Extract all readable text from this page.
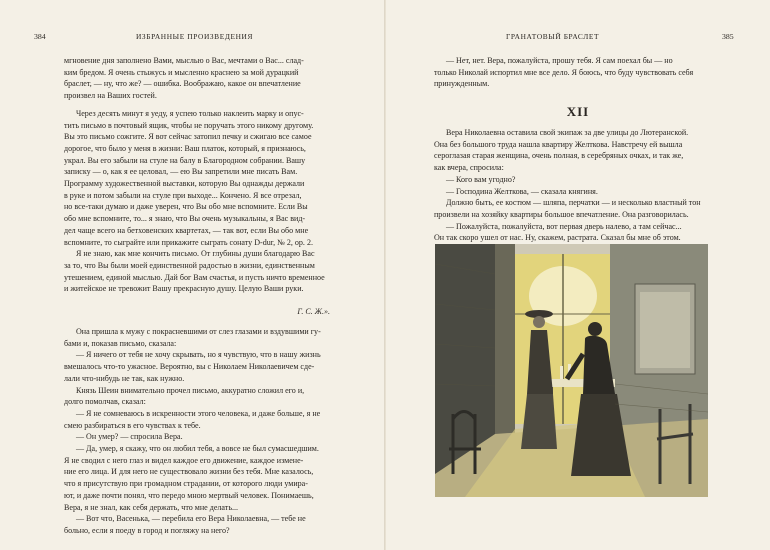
384	ИЗБРАННЫЕ ПРОИЗВЕДЕНИЯ

мгновение дня заполнено Вами, мыслью о Вас, мечтами о Вас... слад-

ким бредом. Я очень стыжусь и мысленно краснею за мой дурацкий

браслет, — ну, что же? — ошибка. Воображаю, какое он впечатление

произвел на Ваших гостей.

Через десять минут я уеду, я успею только наклеить марку и опус-

тить письмо в почтовый ящик, чтобы не поручать этого никому другому.

Вы это письмо сожгите. Я вот сейчас затопил печку и сжигаю все самое

дорогое, что было у меня в жизни: Ваш платок, который, я признаюсь,

украл. Вы его забыли на стуле на балу в Благородном собрании. Вашу

записку — о, как я ее целовал, — ею Вы запретили мне писать Вам.

Программу художественной выставки, которую Вы однажды держали

в руке и потом забыли на стуле при выходе... Кончено. Я все отрезал,

но все-таки думаю и даже уверен, что Вы обо мне вспомните. Если Вы

обо мне вспомните, то... я знаю, что Вы очень музыкальны, я Вас вид-

дел чаще всего на бетховенских квартетах, — так вот, если Вы обо мне

вспомните, то сыграйте или прикажите сыграть сонату D-dur, № 2, ор. 2.

Я не знаю, как мне кончить письмо. От глубины души благодарю Вас

за то, что Вы были моей единственной радостью в жизни, единственным

утешением, единой мыслью. Дай бог Вам счастья, и пусть ничто временное

и житейское не тревожит Вашу прекрасную душу. Целую Ваши руки.

Г. С. Ж.».

Она пришла к мужу с покрасневшими от слез глазами и вздувшими гу-

бами и, показав письмо, сказала:

— Я ничего от тебя не хочу скрывать, но я чувствую, что в нашу жизнь

вмешалось что-то ужасное. Вероятно, вы с Николаем Николаевичем сде-

лали что-нибудь не так, как нужно.

Князь Шеин внимательно прочел письмо, аккуратно сложил его и,

долго помолчав, сказал:

— Я не сомневаюсь в искренности этого человека, и даже больше, я не

смею разбираться в его чувствах к тебе.

— Он умер? — спросила Вера.

— Да, умер, я скажу, что он любил тебя, а вовсе не был сумасшедшим.

Я не сводил с него глаз и видел каждое его движение, каждое измене-

ние его лица. И для него не существовало жизни без тебя. Мне казалось,

что я присутствую при громадном страдании, от которого люди умира-

ют, и даже почти понял, что передо мною мертвый человек. Понимаешь,

Вера, я не знал, как себя держать, что мне делать...

— Вот что, Васенька, — перебила его Вера Николаевна, — тебе не

больно, если я поеду в город и погляжу на него?

ГРАНАТОВЫЙ БРАСЛЕТ	385

— Нет, нет. Вера, пожалуйста, прошу тебя. Я сам поехал бы — но

только Николай испортил мне все дело. Я боюсь, что буду чувствовать себя

принужденным.

XII

Вера Николаевна оставила свой экипаж за две улицы до Лютеранской.

Она без большого труда нашла квартиру Желткова. Навстречу ей вышла

сероглазая старая женщина, очень полная, в серебряных очках, и так же,

как вчера, спросила:

— Кого вам угодно?

— Господина Желткова, — сказала княгиня.

Должно быть, ее костюм — шляпа, перчатки — и несколько властный тон

произвели на хозяйку квартиры большое впечатление. Она разговорилась.

— Пожалуйста, пожалуйста, вот первая дверь налево, а там сейчас...

Он так скоро ушел от нас. Ну, скажем, растрата. Сказал бы мне об этом.
